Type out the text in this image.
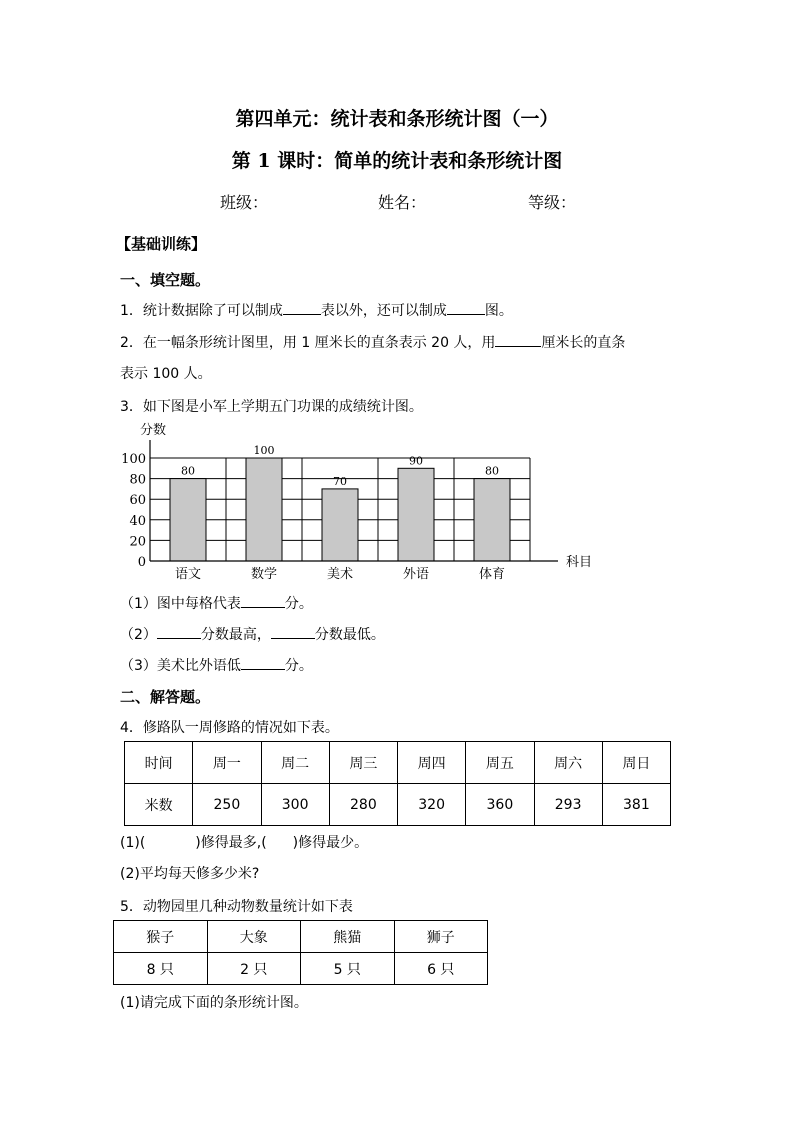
第四单元：统计表和条形统计图（一）
第 1 课时：简单的统计表和条形统计图
班级：	姓名：	等级：
【基础训练】
一、填空题。
1．统计数据除了可以制成	表以外，还可以制成	图。
2．在一幅条形统计图里，用 1 厘米长的直条表示 20 人，用	厘米长的直条
表示 100 人。
3．如下图是小军上学期五门功课的成绩统计图。
0
20
40
60
80
100
80
语文
100
数学
70
美术
90
外语
80
体育
分数
科目
（1）图中每格代表	分。
（2）	分数最高，	分数最低。
（3）美术比外语低	分。
二、解答题。
4．修路队一周修路的情况如下表。
时间	周一	周二	周三	周四	周五	周六	周日
米数	250	300	280	320	360	293	381
(1)(	)修得最多,( )修得最少。
(2)平均每天修多少米?
5．动物园里几种动物数量统计如下表
猴子	大象	熊猫	狮子
8 只	2 只	5 只	6 只
(1)请完成下面的条形统计图。
